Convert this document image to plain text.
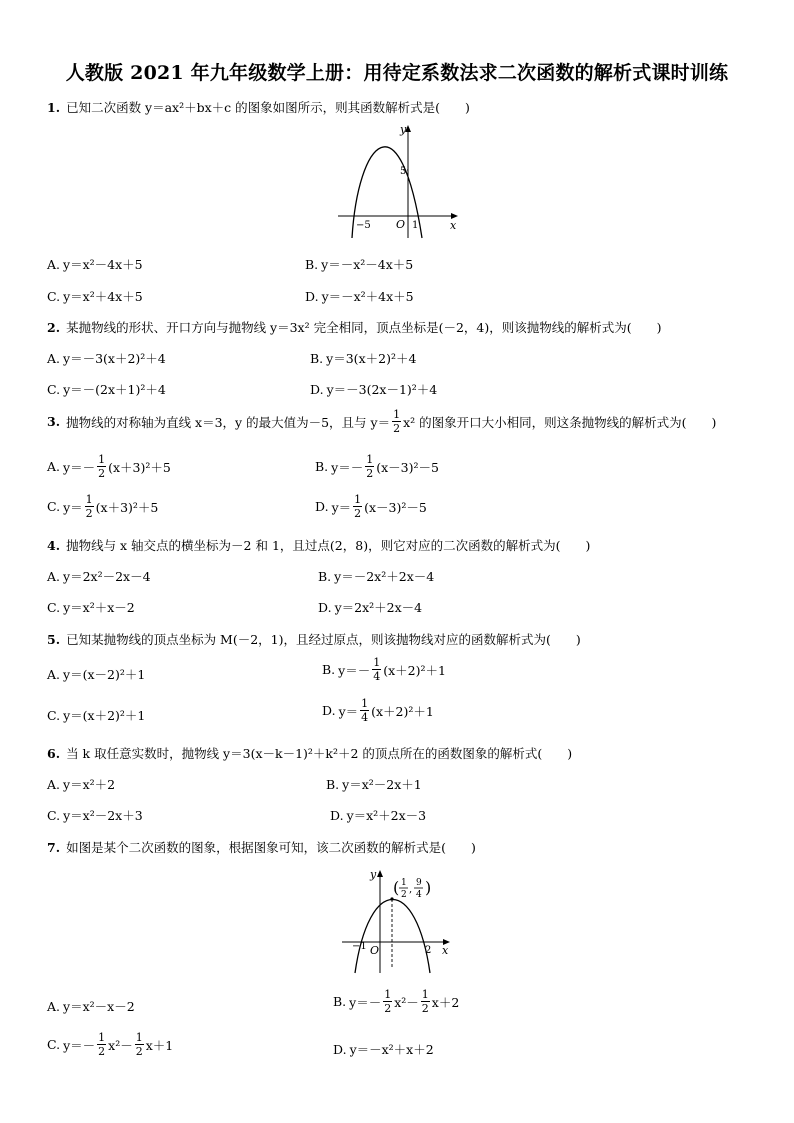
人教版 2021 年九年级数学上册：用待定系数法求二次函数的解析式课时训练
1. 已知二次函数 y＝ax²＋bx＋c 的图象如图所示，则其函数解析式是(　　)
y
x
O
−5	1
5
A. y＝x²－4x＋5	B. y＝－x²－4x＋5
C. y＝x²＋4x＋5	D. y＝－x²＋4x＋5
2. 某抛物线的形状、开口方向与抛物线 y＝3x² 完全相同，顶点坐标是(－2，4)，则该抛物线的解析式为(　　)
A. y＝－3(x＋2)²＋4	B. y＝3(x＋2)²＋4
C. y＝－(2x＋1)²＋4	D. y＝－3(2x－1)²＋4
3. 抛物线的对称轴为直线 x＝3，y 的最大值为－5，且与 $y= \frac{1}{2} x^2$ 的图象开口大小相同，则这条抛物线的解析式为(　　)
A. $y=- \frac{1}{2} (x+3)^2+5$	B. $y=- \frac{1}{2} (x-3)^2-5$
C. $y= \frac{1}{2} (x+3)^2+5$	D. $y= \frac{1}{2} (x-3)^2-5$
4. 抛物线与 x 轴交点的横坐标为－2 和 1，且过点(2，8)，则它对应的二次函数的解析式为(　　)
A. y＝2x²－2x－4	B. y＝－2x²＋2x－4
C. y＝x²＋x－2	D. y＝2x²＋2x－4
5. 已知某抛物线的顶点坐标为 M(－2，1)，且经过原点，则该抛物线对应的函数解析式为(　　)
A. y＝(x－2)²＋1	B. $y=- \frac{1}{4} (x+2)^2+1$
C. y＝(x＋2)²＋1	D. $y= \frac{1}{4} (x+2)^2+1$
6. 当 k 取任意实数时，抛物线 y＝3(x－k－1)²＋k²＋2 的顶点所在的函数图象的解析式(　　)
A. y＝x²＋2	B. y＝x²－2x＋1
C. y＝x²－2x＋3	D. y＝x²＋2x－3
7. 如图是某个二次函数的图象，根据图象可知，该二次函数的解析式是(　　)
y
x
O
−1	2
( 1
2 ,
9
4 )
A. y＝x²－x－2	B. $y=- \frac{1}{2} x^2- \frac{1}{2} x+2$
C. $y=- \frac{1}{2} x^2- \frac{1}{2} x+1$	D. y＝－x²＋x＋2
